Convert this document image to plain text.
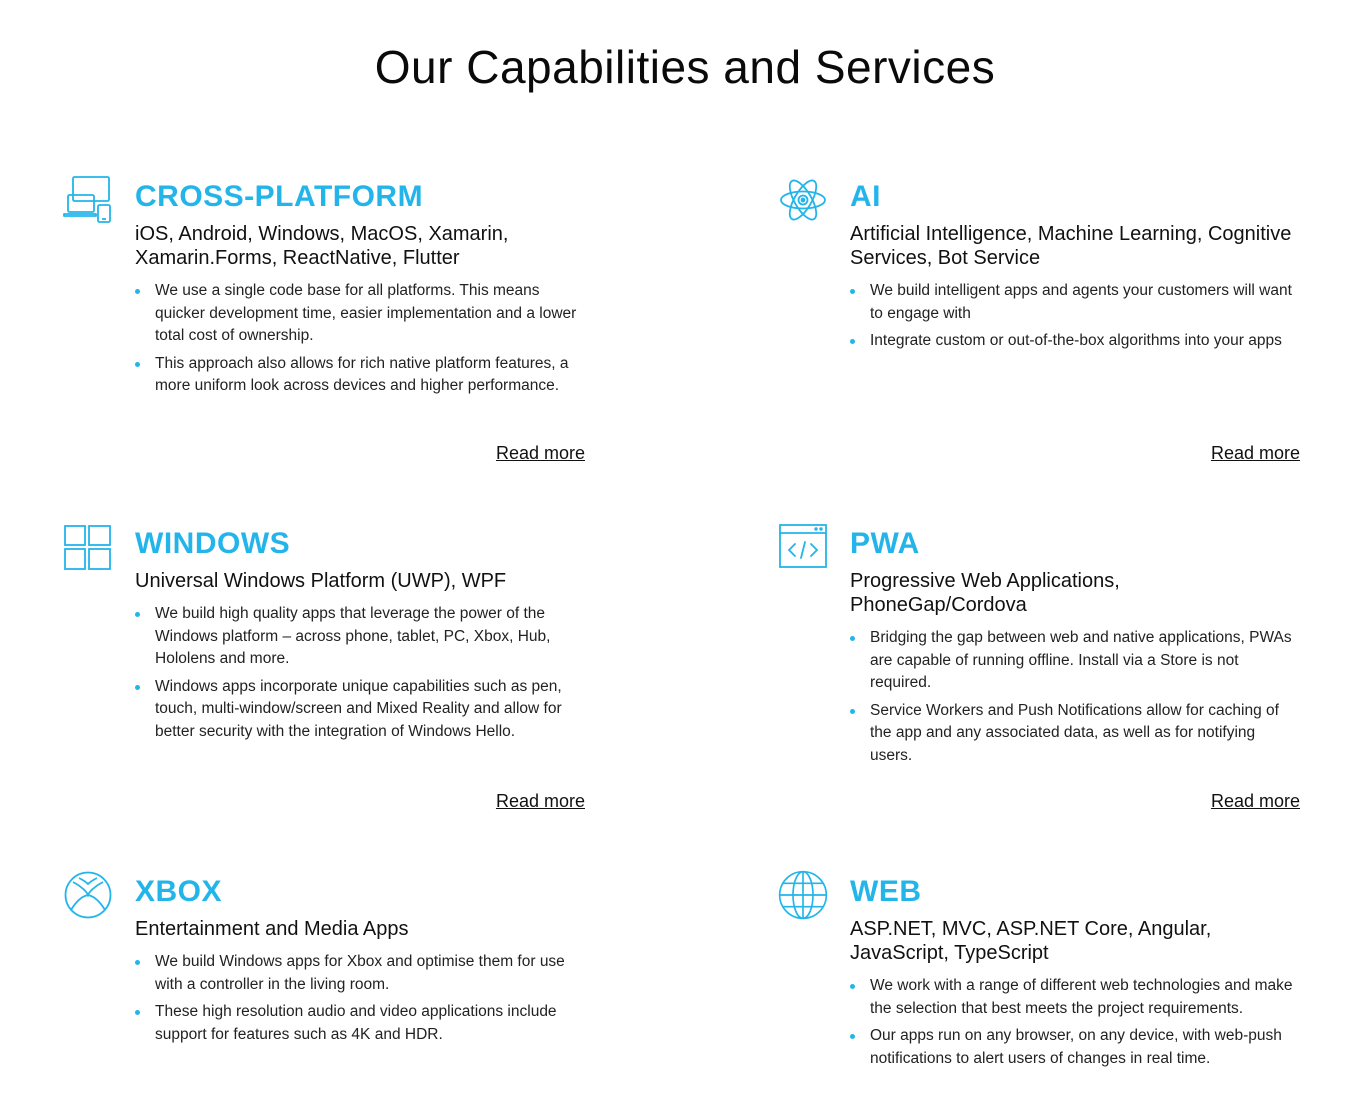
Our Capabilities and Services
CROSS-PLATFORM

iOS, Android, Windows, MacOS, Xamarin, Xamarin.Forms, ReactNative, Flutter

We use a single code base for all platforms. This means quicker development time, easier implementation and a lower total cost of ownership.
This approach also allows for rich native platform features, a more uniform look across devices and higher performance.
Read more
AI

Artificial Intelligence, Machine Learning, Cognitive Services, Bot Service

We build intelligent apps and agents your customers will want to engage with
Integrate custom or out-of-the-box algorithms into your apps
Read more
WINDOWS

Universal Windows Platform (UWP), WPF

We build high quality apps that leverage the power of the Windows platform – across phone, tablet, PC, Xbox, Hub, Hololens and more.
Windows apps incorporate unique capabilities such as pen, touch, multi-window/screen and Mixed Reality and allow for better security with the integration of Windows Hello.
Read more
PWA

Progressive Web Applications, PhoneGap/Cordova

Bridging the gap between web and native applications, PWAs are capable of running offline. Install via a Store is not required.
Service Workers and Push Notifications allow for caching of the app and any associated data, as well as for notifying users.
Read more
XBOX

Entertainment and Media Apps

We build Windows apps for Xbox and optimise them for use with a controller in the living room.
These high resolution audio and video applications include support for features such as 4K and HDR.
WEB

ASP.NET, MVC, ASP.NET Core, Angular, JavaScript, TypeScript

We work with a range of different web technologies and make the selection that best meets the project requirements.
Our apps run on any browser, on any device, with web-push notifications to alert users of changes in real time.
